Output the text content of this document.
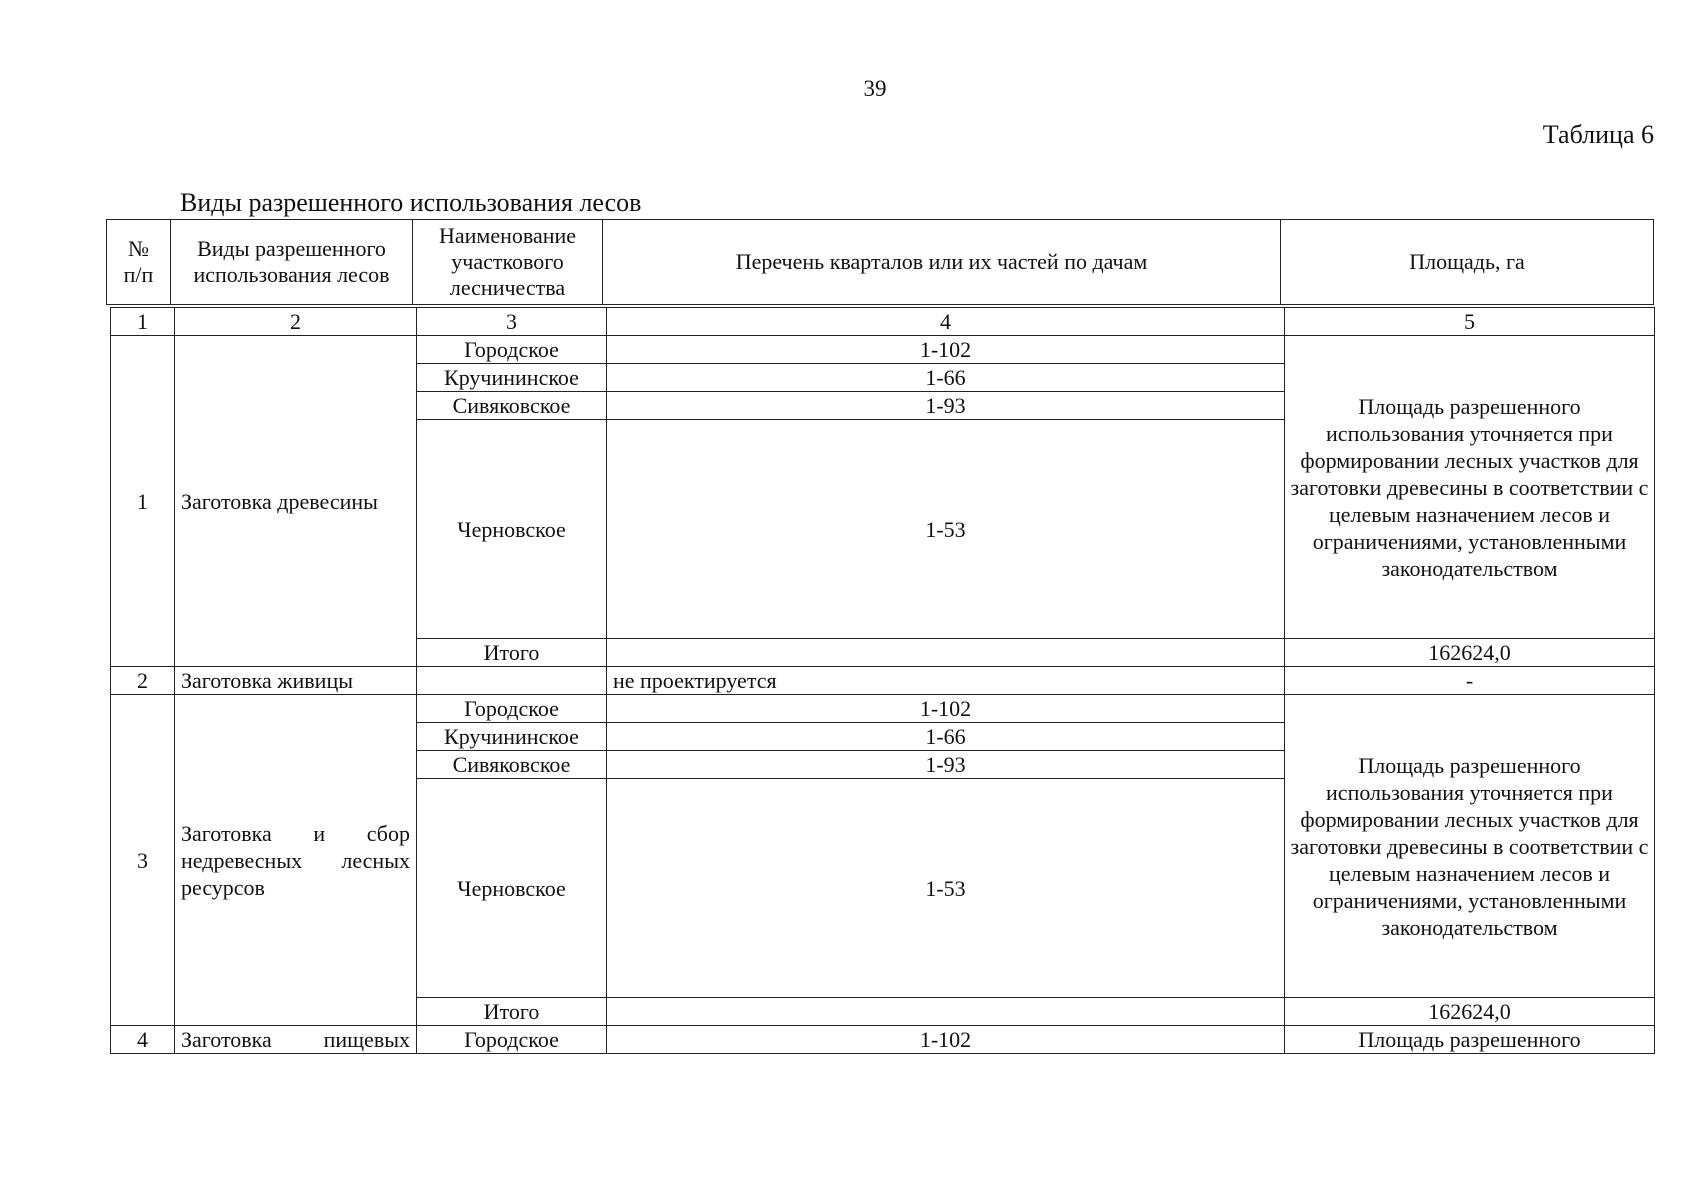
39
Таблица 6
Виды разрешенного использования лесов
№ п/п	Виды разрешенного использования лесов	Наименование участкового лесничества	Перечень кварталов или их частей по дачам	Площадь, га
1	2	3	4	5
1	Заготовка древесины	Городское	1-102	Площадь разрешенного использования уточняется при формировании лесных участков для заготовки древесины в соответствии с целевым назначением лесов и ограничениями, установленными законодательством
		Кручининское	1-66	
		Сивяковское	1-93	
		Черновское	1-53	
		Итого		162624,0
2	Заготовка живицы		не проектируется	-
3	Заготовка и сбор недревесных лесных ресурсов	Городское	1-102	Площадь разрешенного использования уточняется при формировании лесных участков для заготовки древесины в соответствии с целевым назначением лесов и ограничениями, установленными законодательством
		Кручининское	1-66	
		Сивяковское	1-93	
		Черновское	1-53	
		Итого		162624,0
4	Заготовка пищевых	Городское	1-102	Площадь разрешенного
